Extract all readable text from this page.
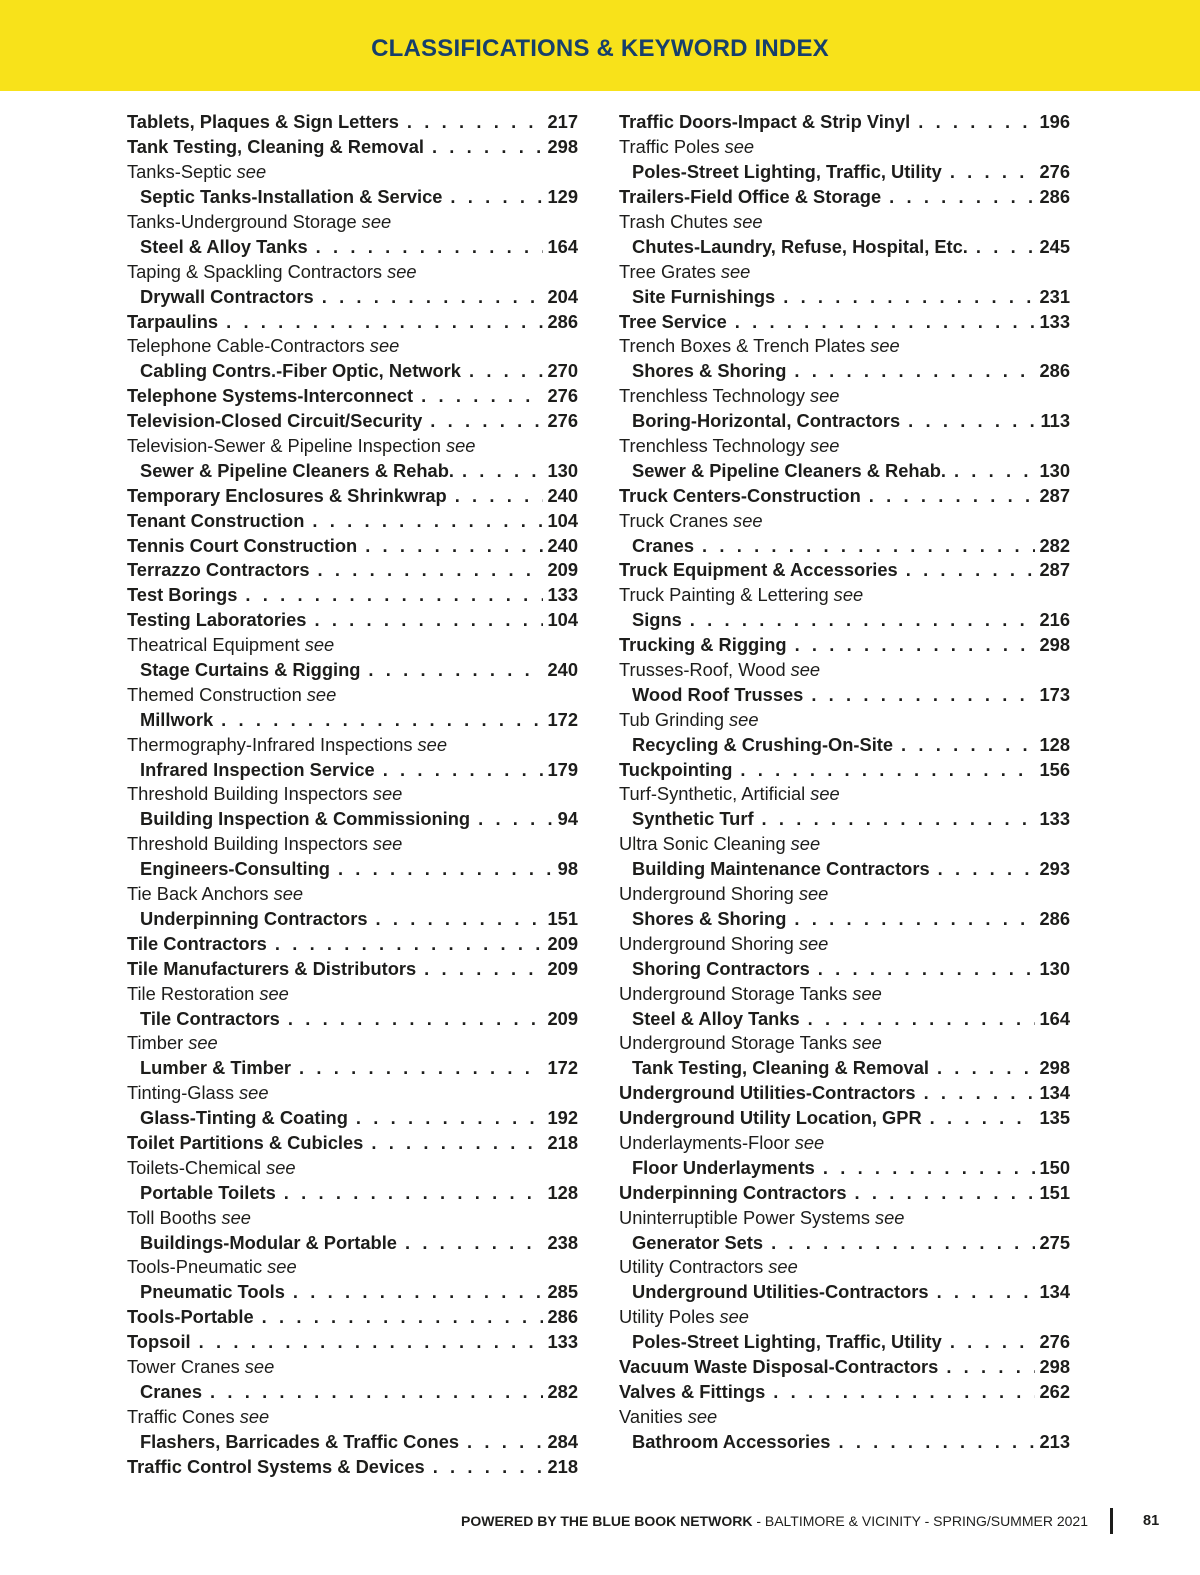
CLASSIFICATIONS & KEYWORD INDEX
Tablets, Plaques & Sign Letters . . .	217
Tank Testing, Cleaning & Removal . . .	298
Tanks-Septic see
Septic Tanks-Installation & Service . . .	129
Tanks-Underground Storage see
Steel & Alloy Tanks . . .	164
Taping & Spackling Contractors see
Drywall Contractors . . .	204
Tarpaulins . . .	286
Telephone Cable-Contractors see
Cabling Contrs.-Fiber Optic, Network . . .	270
Telephone Systems-Interconnect . . .	276
Television-Closed Circuit/Security . . .	276
Television-Sewer & Pipeline Inspection see
Sewer & Pipeline Cleaners & Rehab. . . .	130
Temporary Enclosures & Shrinkwrap . . .	240
Tenant Construction . . .	104
Tennis Court Construction . . .	240
Terrazzo Contractors . . .	209
Test Borings . . .	133
Testing Laboratories . . .	104
Theatrical Equipment see
Stage Curtains & Rigging . . .	240
Themed Construction see
Millwork . . .	172
Thermography-Infrared Inspections see
Infrared Inspection Service . . .	179
Threshold Building Inspectors see
Building Inspection & Commissioning . . .	94
Threshold Building Inspectors see
Engineers-Consulting . . .	98
Tie Back Anchors see
Underpinning Contractors . . .	151
Tile Contractors . . .	209
Tile Manufacturers & Distributors . . .	209
Tile Restoration see
Tile Contractors . . .	209
Timber see
Lumber & Timber . . .	172
Tinting-Glass see
Glass-Tinting & Coating . . .	192
Toilet Partitions & Cubicles . . .	218
Toilets-Chemical see
Portable Toilets . . .	128
Toll Booths see
Buildings-Modular & Portable . . .	238
Tools-Pneumatic see
Pneumatic Tools . . .	285
Tools-Portable . . .	286
Topsoil . . .	133
Tower Cranes see
Cranes . . .	282
Traffic Cones see
Flashers, Barricades & Traffic Cones . . .	284
Traffic Control Systems & Devices . . .	218
Traffic Doors-Impact & Strip Vinyl . . .	196
Traffic Poles see
Poles-Street Lighting, Traffic, Utility . . .	276
Trailers-Field Office & Storage . . .	286
Trash Chutes see
Chutes-Laundry, Refuse, Hospital, Etc. . . .	245
Tree Grates see
Site Furnishings . . .	231
Tree Service . . .	133
Trench Boxes & Trench Plates see
Shores & Shoring . . .	286
Trenchless Technology see
Boring-Horizontal, Contractors . . .	113
Trenchless Technology see
Sewer & Pipeline Cleaners & Rehab. . . .	130
Truck Centers-Construction . . .	287
Truck Cranes see
Cranes . . .	282
Truck Equipment & Accessories . . .	287
Truck Painting & Lettering see
Signs . . .	216
Trucking & Rigging . . .	298
Trusses-Roof, Wood see
Wood Roof Trusses . . .	173
Tub Grinding see
Recycling & Crushing-On-Site . . .	128
Tuckpointing . . .	156
Turf-Synthetic, Artificial see
Synthetic Turf . . .	133
Ultra Sonic Cleaning see
Building Maintenance Contractors . . .	293
Underground Shoring see
Shores & Shoring . . .	286
Underground Shoring see
Shoring Contractors . . .	130
Underground Storage Tanks see
Steel & Alloy Tanks . . .	164
Underground Storage Tanks see
Tank Testing, Cleaning & Removal . . .	298
Underground Utilities-Contractors . . .	134
Underground Utility Location, GPR . . .	135
Underlayments-Floor see
Floor Underlayments . . .	150
Underpinning Contractors . . .	151
Uninterruptible Power Systems see
Generator Sets . . .	275
Utility Contractors see
Underground Utilities-Contractors . . .	134
Utility Poles see
Poles-Street Lighting, Traffic, Utility . . .	276
Vacuum Waste Disposal-Contractors . . .	298
Valves & Fittings . . .	262
Vanities see
Bathroom Accessories . . .	213
POWERED BY THE BLUE BOOK NETWORK - BALTIMORE & VICINITY - SPRING/SUMMER 2021	81
